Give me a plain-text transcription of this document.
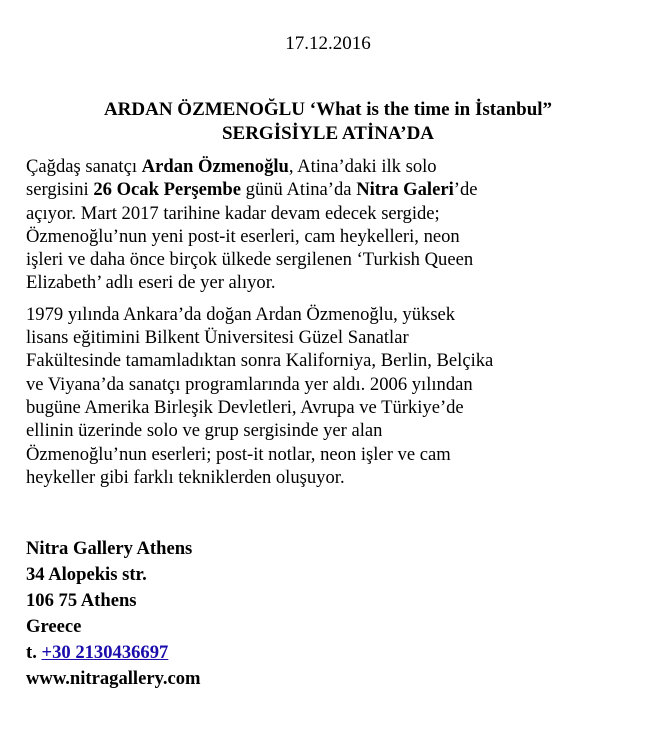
17.12.2016
ARDAN ÖZMENOĞLU ‘What is the time in İstanbul”
SERGİSİYLE ATİNA’DA
Çağdaş sanatçı Ardan Özmenoğlu, Atina’daki ilk solo
sergisini 26 Ocak Perşembe günü Atina’da Nitra Galeri’de
açıyor. Mart 2017 tarihine kadar devam edecek sergide;
Özmenoğlu’nun yeni post-it eserleri, cam heykelleri, neon
işleri ve daha önce birçok ülkede sergilenen ‘Turkish Queen
Elizabeth’ adlı eseri de yer alıyor.
1979 yılında Ankara’da doğan Ardan Özmenoğlu, yüksek
lisans eğitimini Bilkent Üniversitesi Güzel Sanatlar
Fakültesinde tamamladıktan sonra Kaliforniya, Berlin, Belçika
ve Viyana’da sanatçı programlarında yer aldı. 2006 yılından
bugüne Amerika Birleşik Devletleri, Avrupa ve Türkiye’de
ellinin üzerinde solo ve grup sergisinde yer alan
Özmenoğlu’nun eserleri; post-it notlar, neon işler ve cam
heykeller gibi farklı tekniklerden oluşuyor.
Nitra Gallery Athens
34 Alopekis str.
106 75 Athens
Greece
t. +30 2130436697
www.nitragallery.com
